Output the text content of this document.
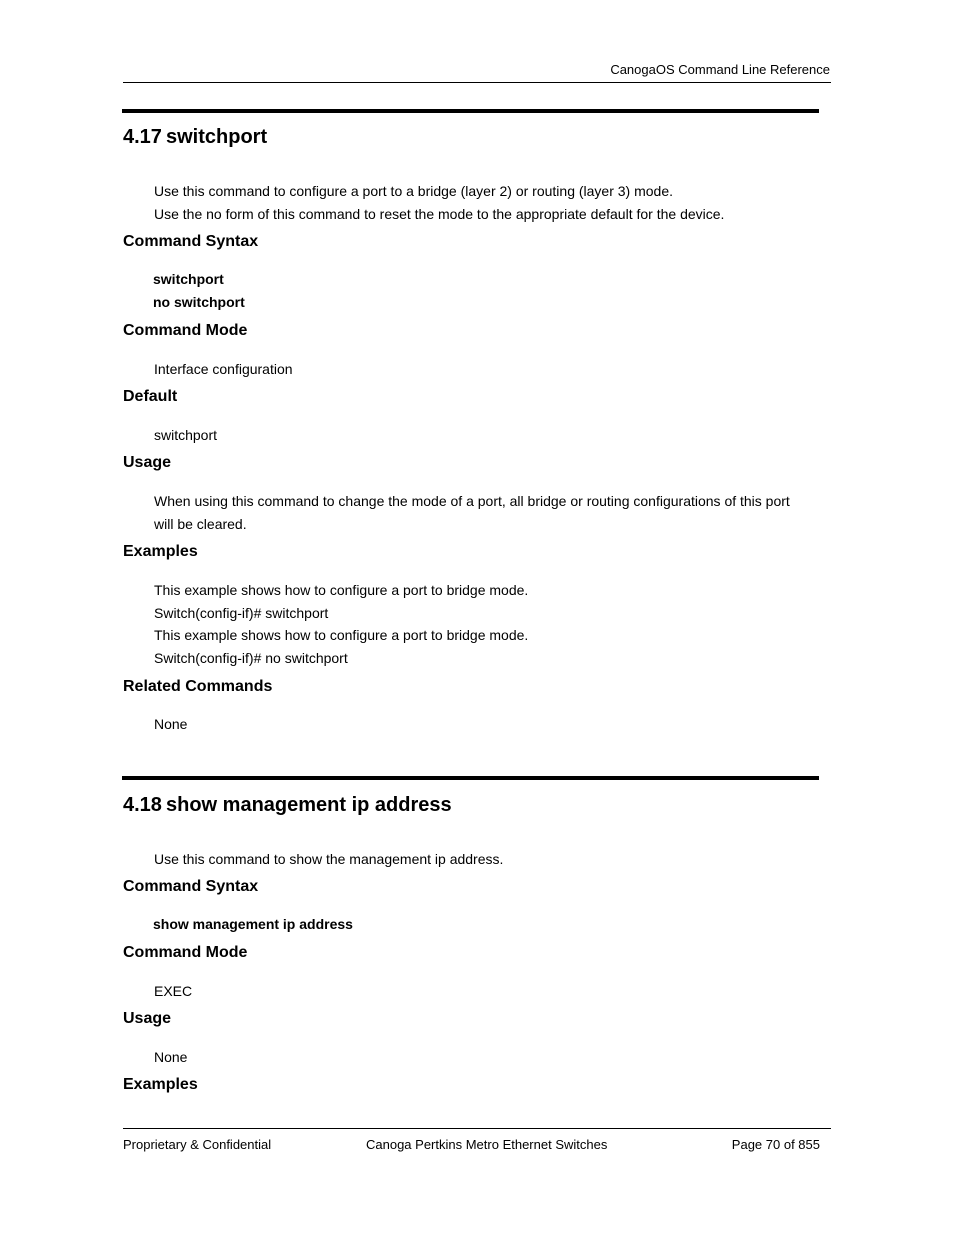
CanogaOS Command Line Reference
4.17 switchport
Use this command to configure a port to a bridge (layer 2) or routing (layer 3) mode.
Use the no form of this command to reset the mode to the appropriate default for the device.
Command Syntax
switchport
no switchport
Command Mode
Interface configuration
Default
switchport
Usage
When using this command to change the mode of a port, all bridge or routing configurations of this port
will be cleared.
Examples
This example shows how to configure a port to bridge mode.
Switch(config-if)# switchport
This example shows how to configure a port to bridge mode.
Switch(config-if)# no switchport
Related Commands
None
4.18 show management ip address
Use this command to show the management ip address.
Command Syntax
show management ip address
Command Mode
EXEC
Usage
None
Examples
Proprietary & Confidential	Canoga Pertkins Metro Ethernet Switches	Page 70 of 855
